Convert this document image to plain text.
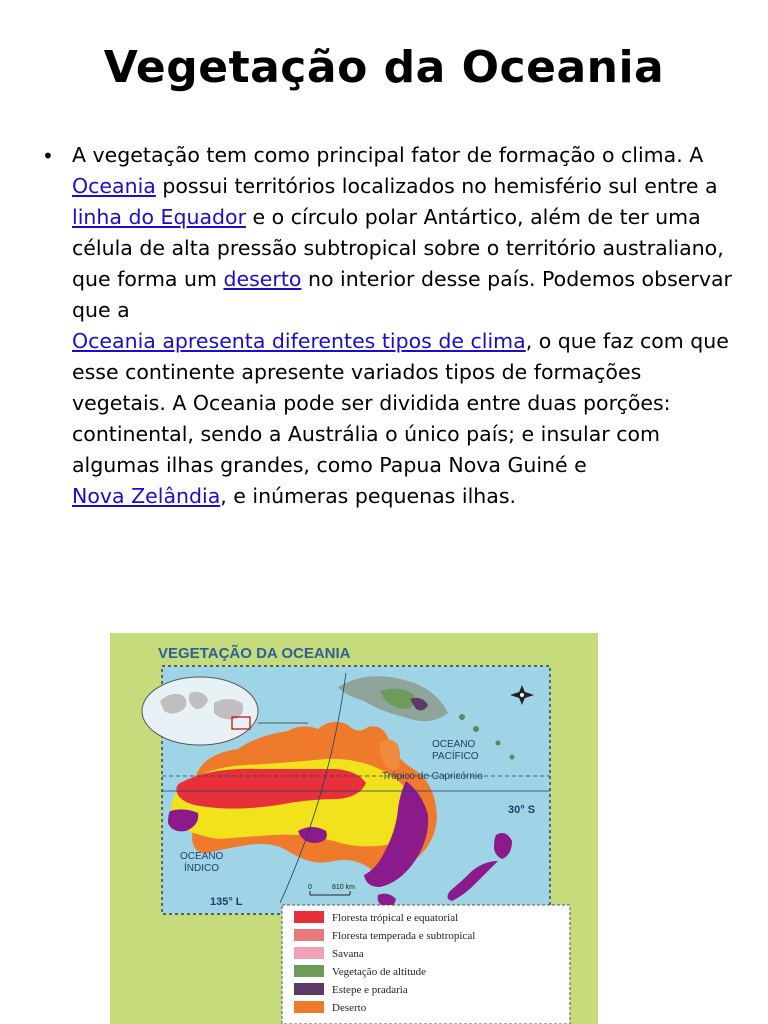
Vegetação da Oceania
• A vegetação tem como principal fator de formação o clima. A Oceania possui territórios localizados no hemisfério sul entre a linha do Equador e o círculo polar Antártico, além de ter uma célula de alta pressão subtropical sobre o território australiano, que forma um deserto no interior desse país. Podemos observar que a
Oceania apresenta diferentes tipos de clima, o que faz com que esse continente apresente variados tipos de formações vegetais. A Oceania pode ser dividida entre duas porções: continental, sendo a Austrália o único país; e insular com algumas ilhas grandes, como Papua Nova Guiné e
Nova Zelândia, e inúmeras pequenas ilhas.
VEGETAÇÃO DA OCEANIA
OCEANO
PACÍFICO
Trópico de Capricórnio
30° S
OCEANO
ÍNDICO
135° L
0	810 km
Floresta trópical e equatorial
Floresta temperada e subtropical
Savana
Vegetação de altitude
Estepe e pradaria
Deserto
